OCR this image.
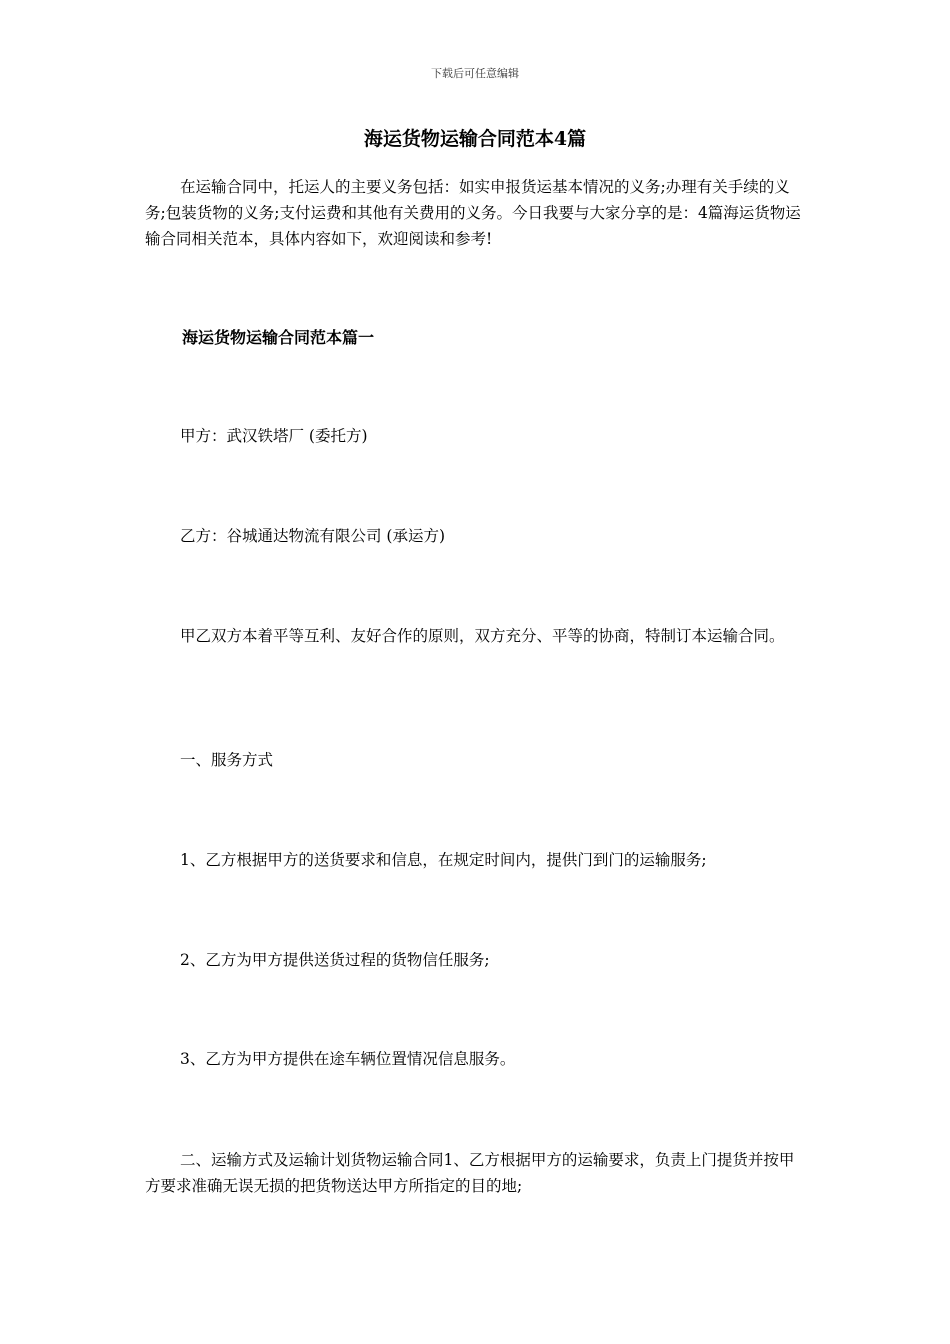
下载后可任意编辑
海运货物运输合同范本4篇

在运输合同中，托运人的主要义务包括：如实申报货运基本情况的义务;办理有关手续的义务;包装货物的义务;支付运费和其他有关费用的义务。今日我要与大家分享的是：4篇海运货物运输合同相关范本，具体内容如下，欢迎阅读和参考!

海运货物运输合同范本篇一

甲方：武汉铁塔厂 (委托方)

乙方：谷城通达物流有限公司 (承运方)

甲乙双方本着平等互利、友好合作的原则，双方充分、平等的协商，特制订本运输合同。

一、服务方式

1、乙方根据甲方的送货要求和信息，在规定时间内，提供门到门的运输服务;

2、乙方为甲方提供送货过程的货物信任服务;

3、乙方为甲方提供在途车辆位置情况信息服务。

二、运输方式及运输计划货物运输合同1、乙方根据甲方的运输要求，负责上门提货并按甲方要求准确无误无损的把货物送达甲方所指定的目的地;
